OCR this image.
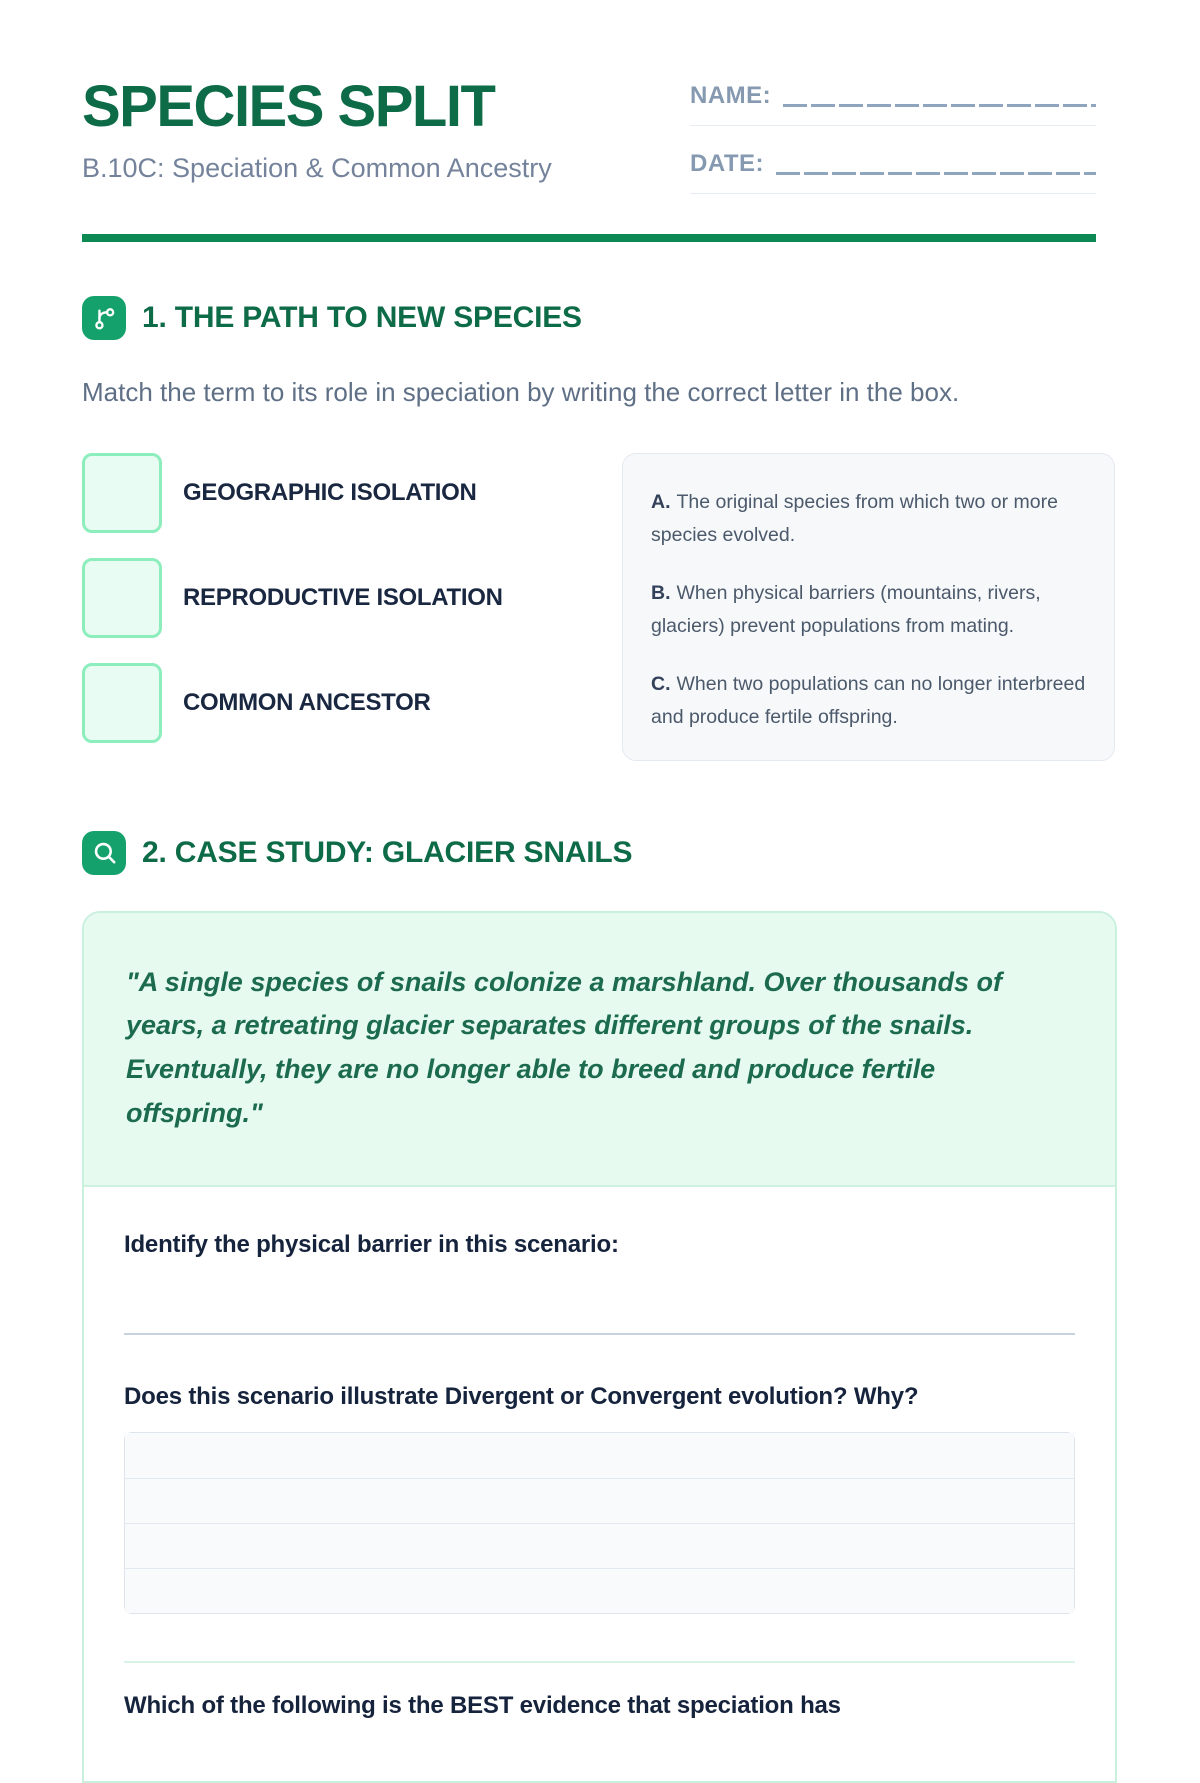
SPECIES SPLIT
B.10C: Speciation & Common Ancestry
NAME:
DATE:
1. THE PATH TO NEW SPECIES

Match the term to its role in speciation by writing the correct letter in the box.

GEOGRAPHIC ISOLATION
REPRODUCTIVE ISOLATION
COMMON ANCESTOR

A. The original species from which two or more species evolved.

B. When physical barriers (mountains, rivers, glaciers) prevent populations from mating.

C. When two populations can no longer interbreed and produce fertile offspring.

2. CASE STUDY: GLACIER SNAILS
"A single species of snails colonize a marshland. Over thousands of years, a retreating glacier separates different groups of the snails. Eventually, they are no longer able to breed and produce fertile offspring."

Identify the physical barrier in this scenario:

Does this scenario illustrate Divergent or Convergent evolution? Why?

Which of the following is the BEST evidence that speciation has
